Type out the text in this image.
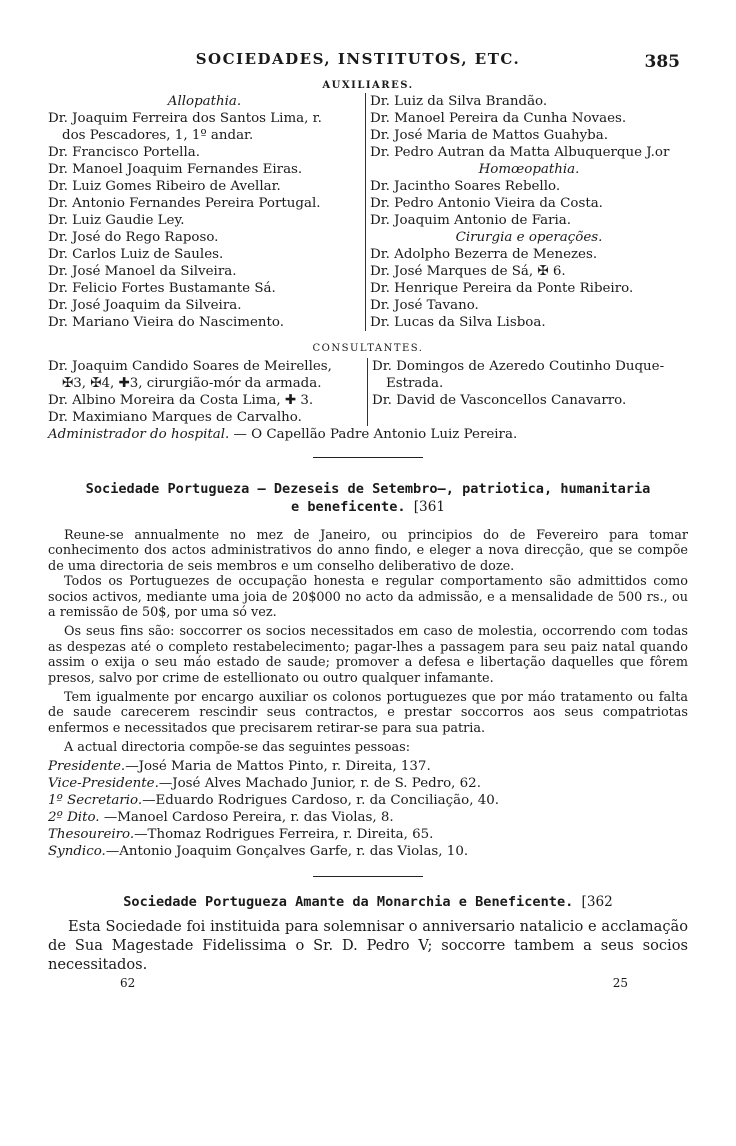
SOCIEDADES, INSTITUTOS, ETC.	385
AUXILIARES.
Allopathia.
Dr. Joaquim Ferreira dos Santos Lima, r.
dos Pescadores, 1, 1º andar.
Dr. Francisco Portella.
Dr. Manoel Joaquim Fernandes Eiras.
Dr. Luiz Gomes Ribeiro de Avellar.
Dr. Antonio Fernandes Pereira Portugal.
Dr. Luiz Gaudie Ley.
Dr. José do Rego Raposo.
Dr. Carlos Luiz de Saules.
Dr. José Manoel da Silveira.
Dr. Felicio Fortes Bustamante Sá.
Dr. José Joaquim da Silveira.
Dr. Mariano Vieira do Nascimento.
Dr. Luiz da Silva Brandão.
Dr. Manoel Pereira da Cunha Novaes.
Dr. José Maria de Mattos Guahyba.
Dr. Pedro Autran da Matta Albuquerque J.or
Homœopathia.
Dr. Jacintho Soares Rebello.
Dr. Pedro Antonio Vieira da Costa.
Dr. Joaquim Antonio de Faria.
Cirurgia e operações.
Dr. Adolpho Bezerra de Menezes.
Dr. José Marques de Sá, ✠ 6.
Dr. Henrique Pereira da Ponte Ribeiro.
Dr. José Tavano.
Dr. Lucas da Silva Lisboa.
CONSULTANTES.
Dr. Joaquim Candido Soares de Meirelles,
✠3, ✠4, ✚3, cirurgião-mór da armada.
Dr. Albino Moreira da Costa Lima, ✚ 3.
Dr. Maximiano Marques de Carvalho.
Dr. Domingos de Azeredo Coutinho Duque-
Estrada.
Dr. David de Vasconcellos Canavarro.
Administrador do hospital. — O Capellão Padre Antonio Luiz Pereira.
Sociedade Portugueza — Dezeseis de Setembro—, patriotica, humanitaria
e beneficente. [361

Reune-se annualmente no mez de Janeiro, ou principios do de Fevereiro para tomar conhecimento dos actos administrativos do anno findo, e eleger a nova direcção, que se compõe de uma directoria de seis membros e um conselho deliberativo de doze.

Todos os Portuguezes de occupação honesta e regular comportamento são admittidos como socios activos, mediante uma joia de 20$000 no acto da admissão, e a mensalidade de 500 rs., ou a remissão de 50$, por uma só vez.

Os seus fins são: soccorrer os socios necessitados em caso de molestia, occorrendo com todas as despezas até o completo restabelecimento; pagar-lhes a passagem para seu paiz natal quando assim o exija o seu máo estado de saude; promover a defesa e libertação daquelles que fôrem presos, salvo por crime de estellionato ou outro qualquer infamante.

Tem igualmente por encargo auxiliar os colonos portuguezes que por máo tratamento ou falta de saude carecerem rescindir seus contractos, e prestar soccorros aos seus compatriotas enfermos e necessitados que precisarem retirar-se para sua patria.

A actual directoria compõe-se das seguintes pessoas:

Presidente.—José Maria de Mattos Pinto, r. Direita, 137.
Vice-Presidente.—José Alves Machado Junior, r. de S. Pedro, 62.
1º Secretario.—Eduardo Rodrigues Cardoso, r. da Conciliação, 40.
2º Dito. —Manoel Cardoso Pereira, r. das Violas, 8.
Thesoureiro.—Thomaz Rodrigues Ferreira, r. Direita, 65.
Syndico.—Antonio Joaquim Gonçalves Garfe, r. das Violas, 10.
Sociedade Portugueza Amante da Monarchia e Beneficente. [362

Esta Sociedade foi instituida para solemnisar o anniversario natalicio e acclamação de Sua Magestade Fidelissima o Sr. D. Pedro V; soccorre tambem a seus socios necessitados.

62	25
